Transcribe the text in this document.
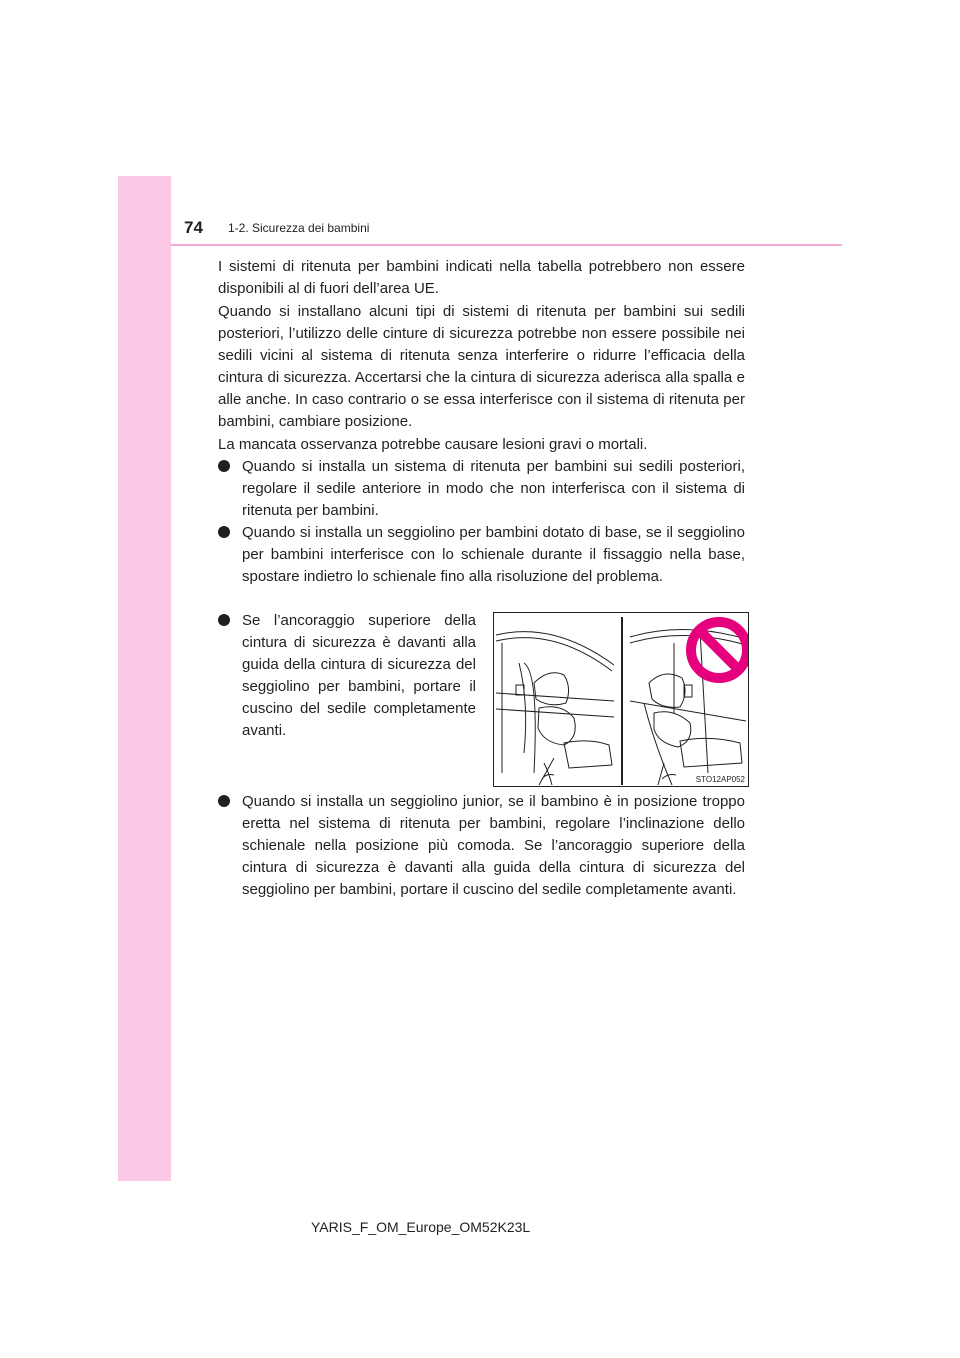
74 1-2. Sicurezza dei bambini

I sistemi di ritenuta per bambini indicati nella tabella potrebbero non essere disponibili al di fuori dell’area UE.

Quando si installano alcuni tipi di sistemi di ritenuta per bambini sui sedili posteriori, l’utilizzo delle cinture di sicurezza potrebbe non essere possibile nei sedili vicini al sistema di ritenuta senza interferire o ridurre l’efficacia della cintura di sicurezza. Accertarsi che la cintura di sicurezza aderisca alla spalla e alle anche. In caso contrario o se essa interferisce con il sistema di ritenuta per bambini, cambiare posizione.

La mancata osservanza potrebbe causare lesioni gravi o mortali.

Quando si installa un sistema di ritenuta per bambini sui sedili posteriori, regolare il sedile anteriore in modo che non interferisca con il sistema di ritenuta per bambini.
Quando si installa un seggiolino per bambini dotato di base, se il seggiolino per bambini interferisce con lo schienale durante il fissaggio nella base, spostare indietro lo schienale fino alla risoluzione del problema.
Se l’ancoraggio superiore della cintura di sicurezza è davanti alla guida della cintura di sicurezza del seggiolino per bambini, portare il cuscino del sedile completamente avanti.
STO12AP052
Quando si installa un seggiolino junior, se il bambino è in posizione troppo eretta nel sistema di ritenuta per bambini, regolare l’inclinazione dello schienale nella posizione più comoda. Se l’ancoraggio superiore della cintura di sicurezza è davanti alla guida della cintura di sicurezza del seggiolino per bambini, portare il cuscino del sedile completamente avanti.
YARIS_F_OM_Europe_OM52K23L
